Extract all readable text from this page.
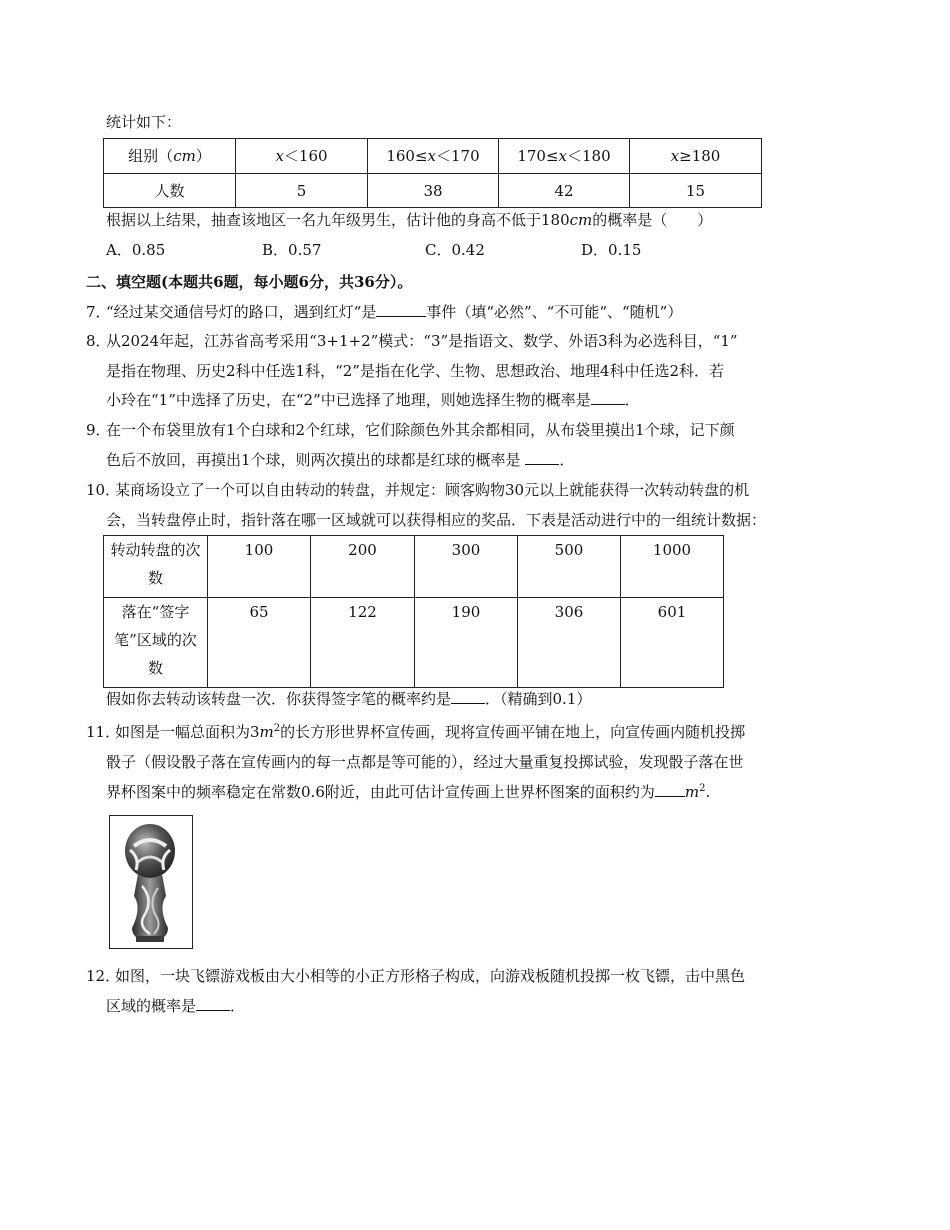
统计如下：
组别（cm）	x＜160	160≤x＜170	170≤x＜180	x≥180
人数	5	38	42	15
根据以上结果，抽查该地区一名九年级男生，估计他的身高不低于180cm的概率是（　　）
A．0.85	B．0.57	C．0.42	D．0.15
二、填空题(本题共6题，每小题6分，共36分）。
7．
“经过某交通信号灯的路口，遇到红灯“是	事件（填“必然”、“不可能“、“随机”）
8．
从2024年起，江苏省高考采用“3+1+2”模式：“3”是指语文、数学、外语3科为必选科目，“1”
是指在物理、历史2科中任选1科，“2”是指在化学、生物、思想政治、地理4科中任选2科．若
小玲在“1”中选择了历史，在“2”中已选择了地理，则她选择生物的概率是 ．
9．
在一个布袋里放有1个白球和2个红球，它们除颜色外其余都相同，从布袋里摸出1个球，记下颜
色后不放回，再摸出1个球，则两次摸出的球都是红球的概率是 ．
10．
某商场设立了一个可以自由转动的转盘，并规定：顾客购物30元以上就能获得一次转动转盘的机
会，当转盘停止时，指针落在哪一区域就可以获得相应的奖品．下表是活动进行中的一组统计数据：
转动转盘的次
数	100	200	300	500	1000

落在“签字
笔”区域的次
数	65	122	190	306	601
假如你去转动该转盘一次．你获得签字笔的概率约是 ．（精确到0.1）
11．
如图是一幅总面积为$3m^2$的长方形世界杯宣传画，现将宣传画平铺在地上，向宣传画内随机投掷
骰子（假设骰子落在宣传画内的每一点都是等可能的），经过大量重复投掷试验，发现骰子落在世
界杯图案中的频率稳定在常数0.6附近，由此可估计宣传画上世界杯图案的面积约为 $m^2$.
12．
如图，一块飞镖游戏板由大小相等的小正方形格子构成，向游戏板随机投掷一枚飞镖，击中黑色
区域的概率是 ．
